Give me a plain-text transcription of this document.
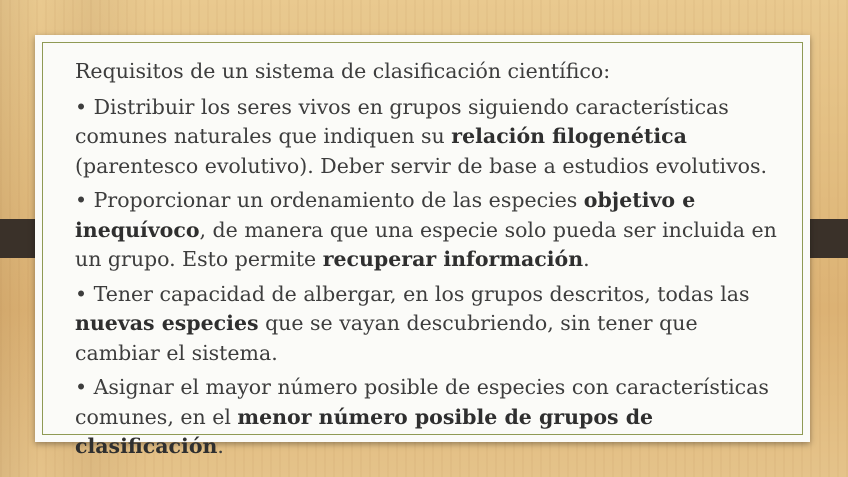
Requisitos de un sistema de clasificación científico:

• Distribuir los seres vivos en grupos siguiendo características comunes naturales que indiquen su relación filogenética (parentesco evolutivo). Deber servir de base a estudios evolutivos.

• Proporcionar un ordenamiento de las especies objetivo e inequívoco, de manera que una especie solo pueda ser incluida en un grupo. Esto permite recuperar información.

• Tener capacidad de albergar, en los grupos descritos, todas las nuevas especies que se vayan descubriendo, sin tener que cambiar el sistema.

• Asignar el mayor número posible de especies con características comunes, en el menor número posible de grupos de clasificación.
